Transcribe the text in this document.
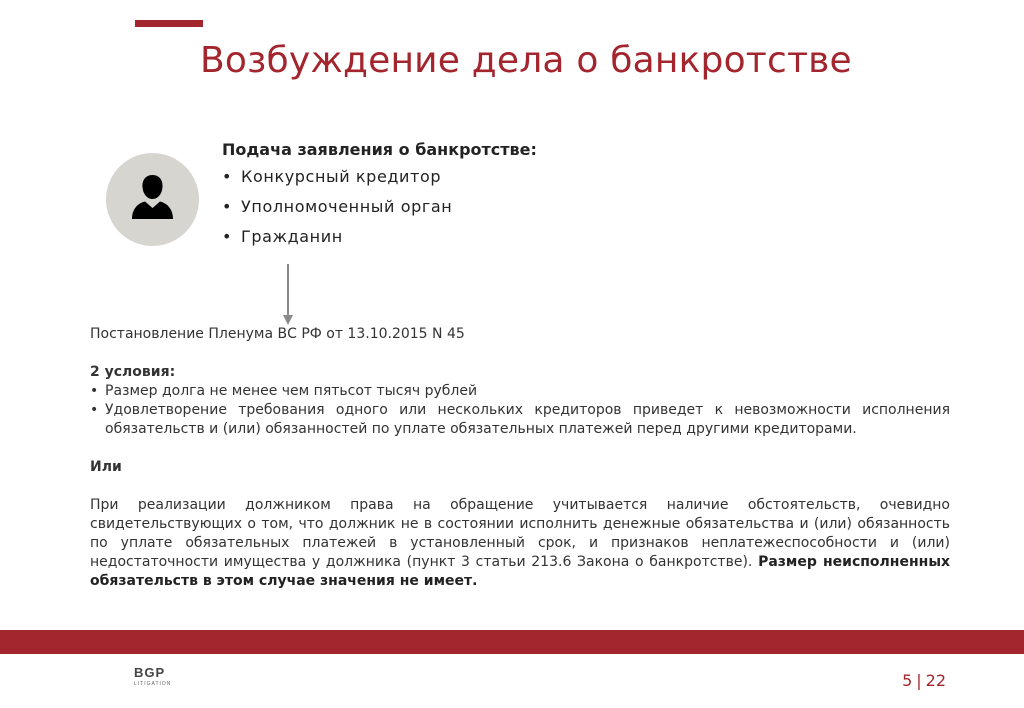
Возбуждение дела о банкротстве
Подача заявления о банкротстве:
• Конкурсный кредитор
• Уполномоченный орган
• Гражданин

Постановление Пленума ВС РФ от 13.10.2015 N 45

2 условия:

• Размер долга не менее чем пятьсот тысяч рублей
• Удовлетворение требования одного или нескольких кредиторов приведет к невозможности исполнения обязательств и (или) обязанностей по уплате обязательных платежей перед другими кредиторами.

Или

При реализации должником права на обращение учитывается наличие обстоятельств, очевидно свидетельствующих о том, что должник не в состоянии исполнить денежные обязательства и (или) обязанность по уплате обязательных платежей в установленный срок, и признаков неплатежеспособности и (или) недостаточности имущества у должника (пункт 3 статьи 213.6 Закона о банкротстве). Размер неисполненных обязательств в этом случае значения не имеет.

BGP
LITIGATION	5 | 22
